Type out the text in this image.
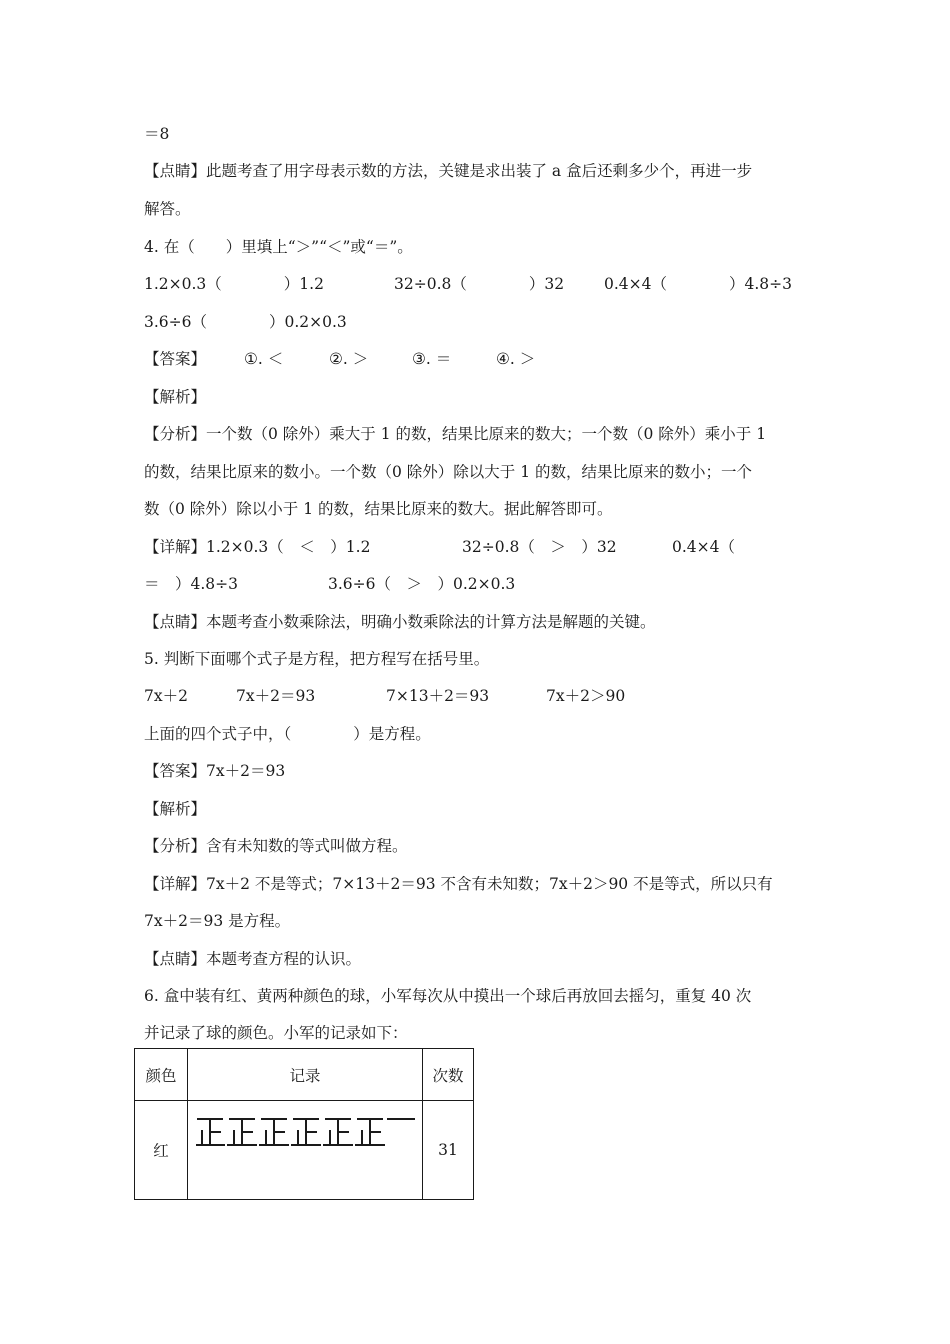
＝8
【点睛】此题考查了用字母表示数的方法，关键是求出装了 a 盒后还剩多少个，再进一步
解答。
4. 在（　　）里填上“＞”“＜”或“＝”。

1.2×0.3（　　　　）1.2

	32÷0.8（　　　　）32

	0.4×4（　　　　）4.8÷3

3.6÷6（　　　　）0.2×0.3

【答案】

①. ＜

	②. ＞

	③. ＝

	④. ＞

【解析】
【分析】一个数（0 除外）乘大于 1 的数，结果比原来的数大；一个数（0 除外）乘小于 1
的数，结果比原来的数小。一个数（0 除外）除以大于 1 的数，结果比原来的数小；一个
数（0 除外）除以小于 1 的数，结果比原来的数大。据此解答即可。

【详解】1.2×0.3（　＜　）1.2

	32÷0.8（　＞　）32

	0.4×4（

＝　）4.8÷3

	3.6÷6（　＞　）0.2×0.3

【点睛】本题考查小数乘除法，明确小数乘除法的计算方法是解题的关键。
5. 判断下面哪个式子是方程，把方程写在括号里。

7x＋2

	7x＋2＝93

	7×13＋2＝93

	7x＋2＞90

上面的四个式子中，（　　　　）是方程。
【答案】7x＋2＝93
【解析】
【分析】含有未知数的等式叫做方程。
【详解】7x＋2 不是等式；7×13＋2＝93 不含有未知数；7x＋2＞90 不是等式，所以只有
7x＋2＝93 是方程。
【点睛】本题考查方程的认识。
6. 盒中装有红、黄两种颜色的球，小军每次从中摸出一个球后再放回去摇匀，重复 40 次
并记录了球的颜色。小军的记录如下：
颜色	记录	次数
红		31
